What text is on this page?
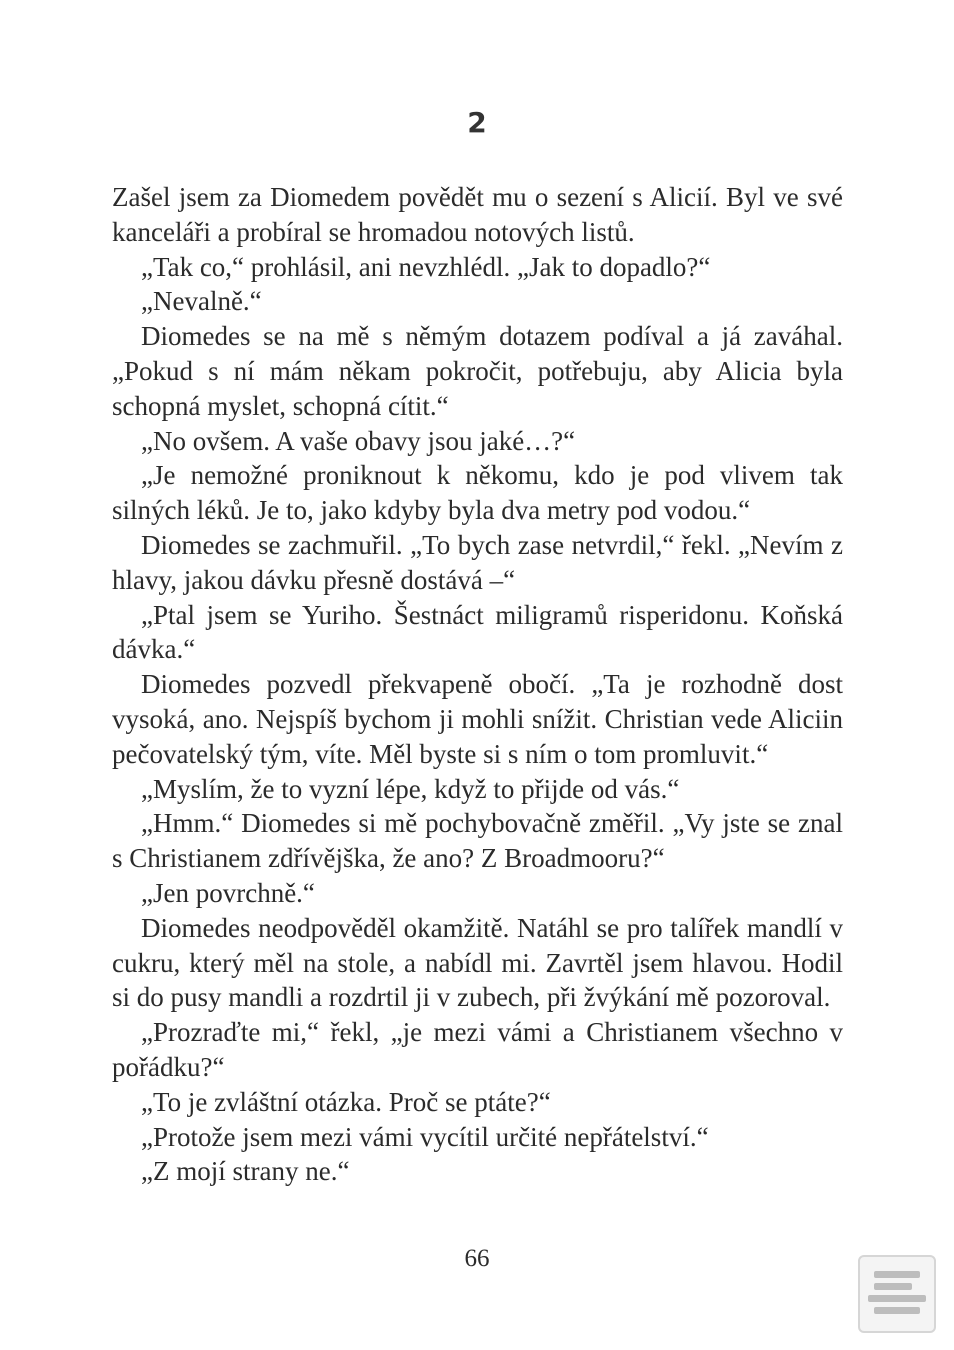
2

Zašel jsem za Diomedem povědět mu o sezení s Alicií. Byl ve své kanceláři a probíral se hromadou notových listů.

„Tak co,“ prohlásil, ani nevzhlédl. „Jak to dopadlo?“

„Nevalně.“

Diomedes se na mě s němým dotazem podíval a já zaváhal. „Pokud s ní mám někam pokročit, potřebuju, aby Alicia byla schopná myslet, schopná cítit.“

„No ovšem. A vaše obavy jsou jaké…?“

„Je nemožné proniknout k někomu, kdo je pod vlivem tak silných léků. Je to, jako kdyby byla dva metry pod vodou.“

Diomedes se zachmuřil. „To bych zase netvrdil,“ řekl. „Nevím z hlavy, jakou dávku přesně dostává –“

„Ptal jsem se Yuriho. Šestnáct miligramů risperidonu. Koňská dávka.“

Diomedes pozvedl překvapeně obočí. „Ta je rozhodně dost vysoká, ano. Nejspíš bychom ji mohli snížit. Christian vede Aliciin pečovatelský tým, víte. Měl byste si s ním o tom promluvit.“

„Myslím, že to vyzní lépe, když to přijde od vás.“

„Hmm.“ Diomedes si mě pochybovačně změřil. „Vy jste se znal s Christianem zdřívějška, že ano? Z Broadmooru?“

„Jen povrchně.“

Diomedes neodpověděl okamžitě. Natáhl se pro talířek mandlí v cukru, který měl na stole, a nabídl mi. Zavrtěl jsem hlavou. Hodil si do pusy mandli a rozdrtil ji v zubech, při žvýkání mě pozoroval.

„Prozraďte mi,“ řekl, „je mezi vámi a Christianem všechno v pořádku?“

„To je zvláštní otázka. Proč se ptáte?“

„Protože jsem mezi vámi vycítil určité nepřátelství.“

„Z mojí strany ne.“

66
